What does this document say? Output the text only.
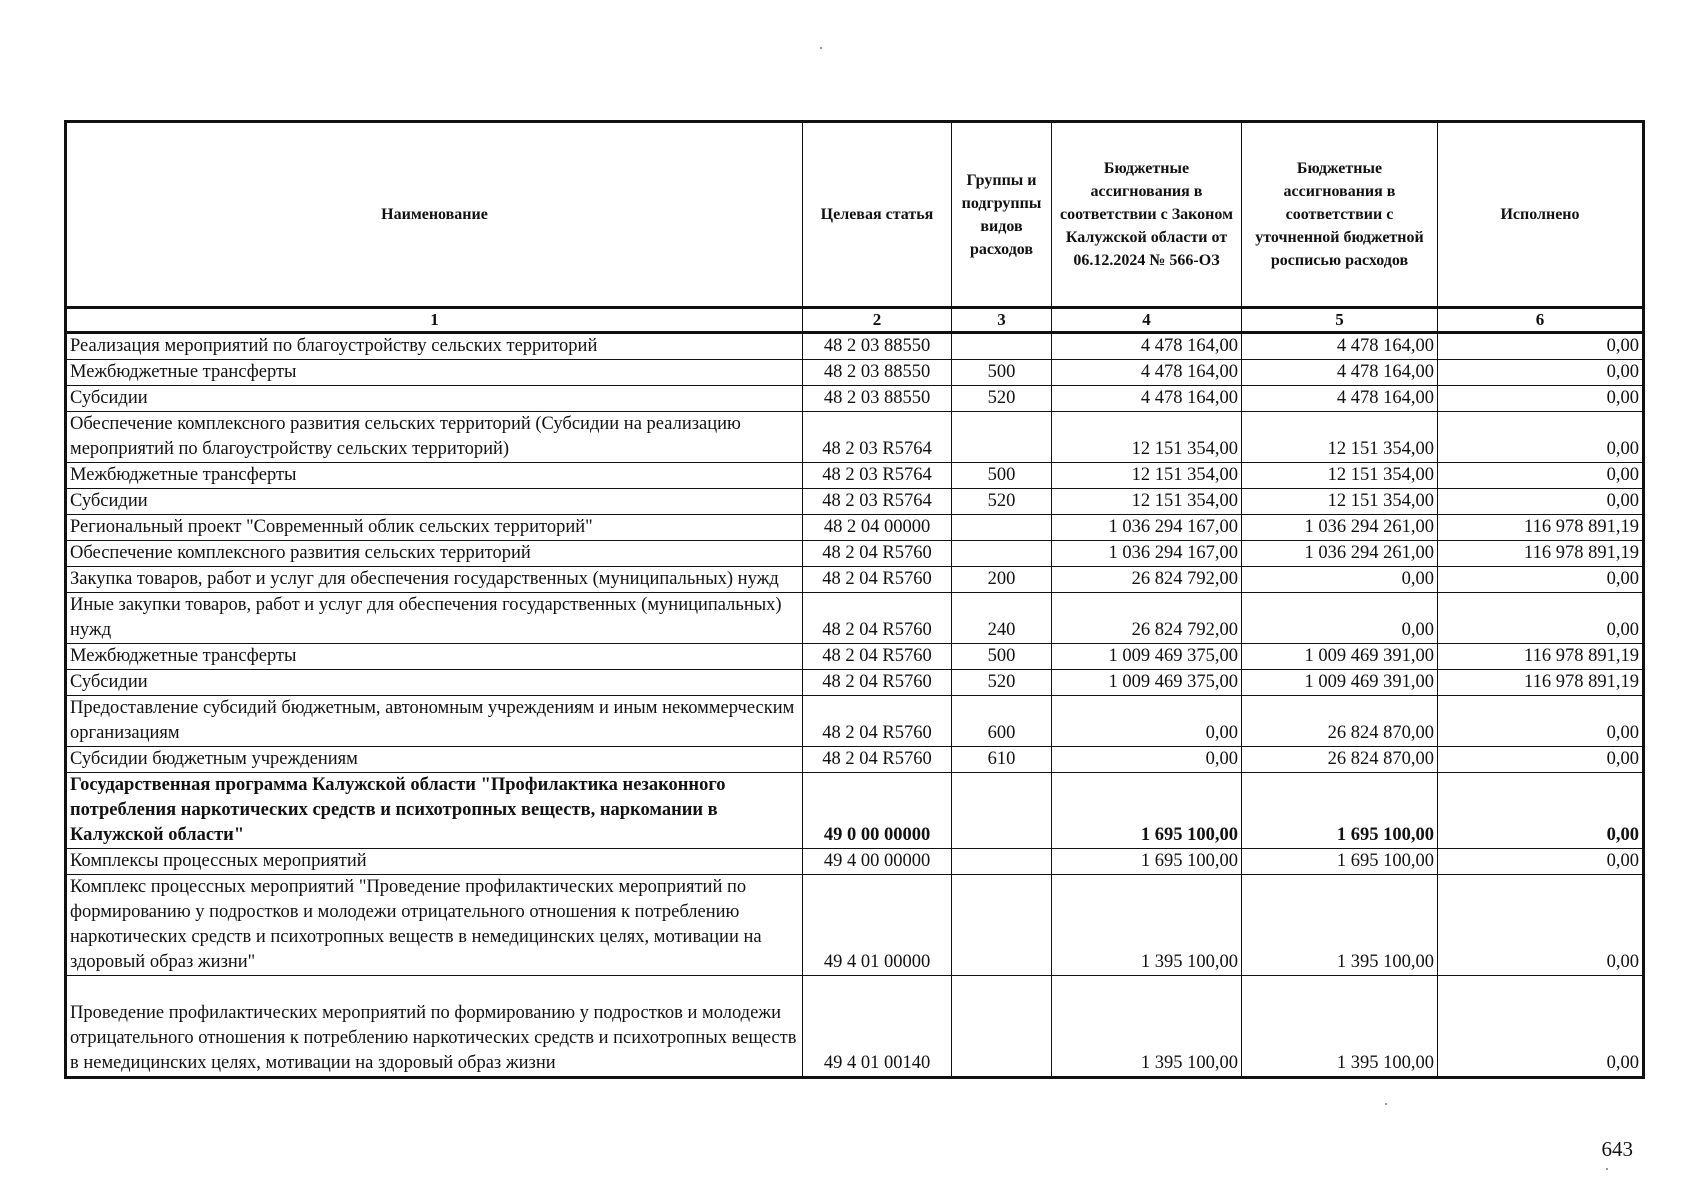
Наименование	Целевая статья	Группы и подгруппы видов расходов	Бюджетные ассигнования в соответствии с Законом Калужской области от 06.12.2024 № 566-ОЗ	Бюджетные ассигнования в соответствии с уточненной бюджетной росписью расходов	Исполнено
1	2	3	4	5	6
Реализация мероприятий по благоустройству сельских территорий	48 2 03 88550		4 478 164,00	4 478 164,00	0,00
Межбюджетные трансферты	48 2 03 88550	500	4 478 164,00	4 478 164,00	0,00
Субсидии	48 2 03 88550	520	4 478 164,00	4 478 164,00	0,00
Обеспечение комплексного развития сельских территорий (Субсидии на реализацию мероприятий по благоустройству сельских территорий)	48 2 03 R5764		12 151 354,00	12 151 354,00	0,00
Межбюджетные трансферты	48 2 03 R5764	500	12 151 354,00	12 151 354,00	0,00
Субсидии	48 2 03 R5764	520	12 151 354,00	12 151 354,00	0,00
Региональный проект "Современный облик сельских территорий"	48 2 04 00000		1 036 294 167,00	1 036 294 261,00	116 978 891,19
Обеспечение комплексного развития сельских территорий	48 2 04 R5760		1 036 294 167,00	1 036 294 261,00	116 978 891,19
Закупка товаров, работ и услуг для обеспечения государственных (муниципальных) нужд	48 2 04 R5760	200	26 824 792,00	0,00	0,00
Иные закупки товаров, работ и услуг для обеспечения государственных (муниципальных) нужд	48 2 04 R5760	240	26 824 792,00	0,00	0,00
Межбюджетные трансферты	48 2 04 R5760	500	1 009 469 375,00	1 009 469 391,00	116 978 891,19
Субсидии	48 2 04 R5760	520	1 009 469 375,00	1 009 469 391,00	116 978 891,19
Предоставление субсидий бюджетным, автономным учреждениям и иным некоммерческим организациям	48 2 04 R5760	600	0,00	26 824 870,00	0,00
Субсидии бюджетным учреждениям	48 2 04 R5760	610	0,00	26 824 870,00	0,00
Государственная программа Калужской области "Профилактика незаконного потребления наркотических средств и психотропных веществ, наркомании в Калужской области"	49 0 00 00000		1 695 100,00	1 695 100,00	0,00
Комплексы процессных мероприятий	49 4 00 00000		1 695 100,00	1 695 100,00	0,00
Комплекс процессных мероприятий "Проведение профилактических мероприятий по формированию у подростков и молодежи отрицательного отношения к потреблению наркотических средств и психотропных веществ в немедицинских целях, мотивации на здоровый образ жизни"	49 4 01 00000		1 395 100,00	1 395 100,00	0,00
Проведение профилактических мероприятий по формированию у подростков и молодежи отрицательного отношения к потреблению наркотических средств и психотропных веществ в немедицинских целях, мотивации на здоровый образ жизни	49 4 01 00140		1 395 100,00	1 395 100,00	0,00
643
